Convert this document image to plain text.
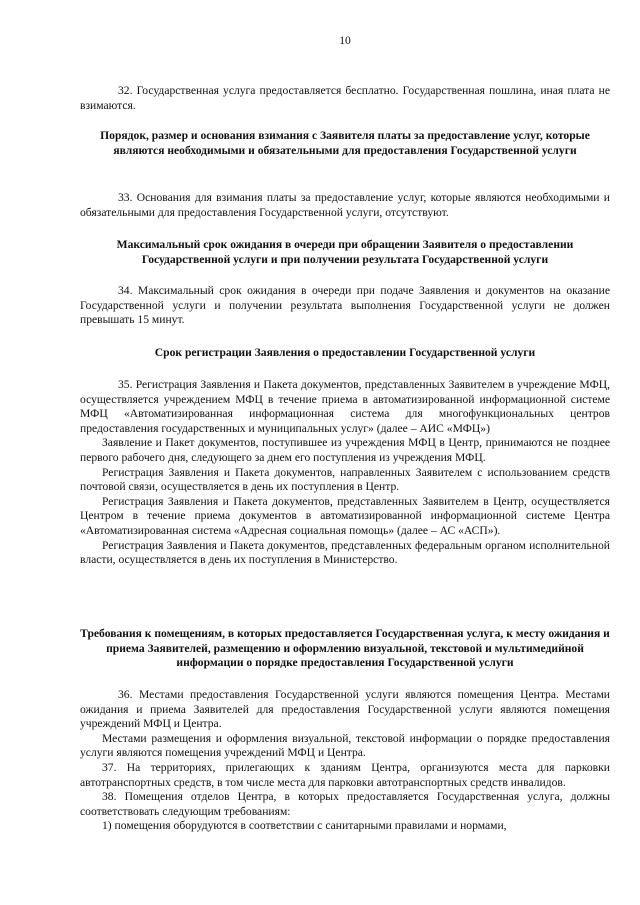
10

32. Государственная услуга предоставляется бесплатно. Государственная пошлина, иная плата не взимаются.

Порядок, размер и основания взимания с Заявителя платы за предоставление услуг, которые являются необходимыми и обязательными для предоставления Государственной услуги

33. Основания для взимания платы за предоставление услуг, которые являются необходимыми и обязательными для предоставления Государственной услуги, отсутствуют.

Максимальный срок ожидания в очереди при обращении Заявителя о предоставлении Государственной услуги и при получении результата Государственной услуги

34. Максимальный срок ожидания в очереди при подаче Заявления и документов на оказание Государственной услуги и получении результата выполнения Государственной услуги не должен превышать 15 минут.

Срок регистрации Заявления о предоставлении Государственной услуги

35. Регистрация Заявления и Пакета документов, представленных Заявителем в учреждение МФЦ, осуществляется учреждением МФЦ в течение приема в автоматизированной информационной системе МФЦ «Автоматизированная информационная система для многофункциональных центров предоставления государственных и муниципальных услуг» (далее – АИС «МФЦ»)

Заявление и Пакет документов, поступившее из учреждения МФЦ в Центр, принимаются не позднее первого рабочего дня, следующего за днем его поступления из учреждения МФЦ.

Регистрация Заявления и Пакета документов, направленных Заявителем с использованием средств почтовой связи, осуществляется в день их поступления в Центр.

Регистрация Заявления и Пакета документов, представленных Заявителем в Центр, осуществляется Центром в течение приема документов в автоматизированной информационной системе Центра «Автоматизированная система «Адресная социальная помощь» (далее – АС «АСП»).

Регистрация Заявления и Пакета документов, представленных федеральным органом исполнительной власти, осуществляется в день их поступления в Министерство.

Требования к помещениям, в которых предоставляется Государственная услуга, к месту ожидания и приема Заявителей, размещению и оформлению визуальной, текстовой и мультимедийной информации о порядке предоставления Государственной услуги

36. Местами предоставления Государственной услуги являются помещения Центра. Местами ожидания и приема Заявителей для предоставления Государственной услуги являются помещения учреждений МФЦ и Центра.

Местами размещения и оформления визуальной, текстовой информации о порядке предоставления услуги являются помещения учреждений МФЦ и Центра.

37. На территориях, прилегающих к зданиям Центра, организуются места для парковки автотранспортных средств, в том числе места для парковки автотранспортных средств инвалидов.

38. Помещения отделов Центра, в которых предоставляется Государственная услуга, должны соответствовать следующим требованиям:

1) помещения оборудуются в соответствии с санитарными правилами и нормами,
